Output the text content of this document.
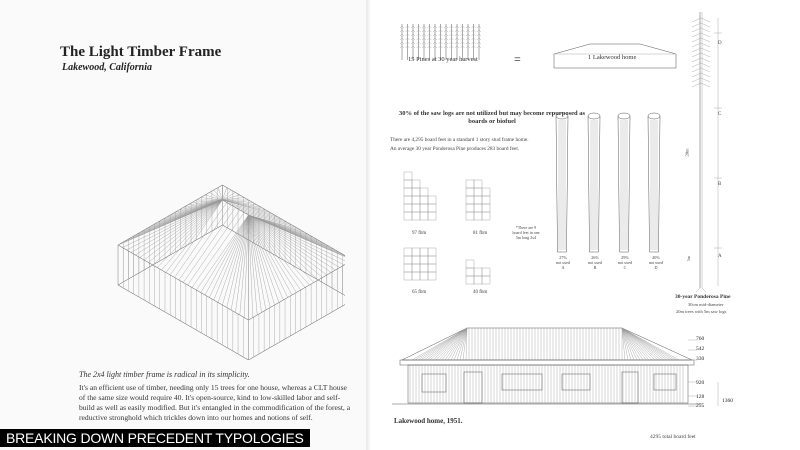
The Light Timber Frame
Lakewood, California
The 2x4 light timber frame is radical in its simplicity.
It's an efficient use of timber, needing only 15 trees for one house, whereas a CLT house of the same size would require 40. It's open-source, kind to low-skilled labor and self-build as well as easily modified. But it's entangled in the commodification of the forest, a reductive stronghold which trickles down into our homes and notions of self.
15 Pines at 30 year harvest	=	1 Lakewood home
30% of the saw logs are not utilized but may become repurposed as boards or biofuel
There are 4,295 board feet in a standard 1 story stud frame home.
An average 30 year Ponderosa Pine produces 283 board feet.
97 fbm	81 fbm
65 fbm	40 fbm
*There are 9 board feet in one 5m long 2x4
27%
not used
A
26%
not used
B
29%
not used
C
40%
not used
D
D
C
B
A
20m
5m
30-year Ponderosa Pine
30cm mid-diameter
20m trees with 5m saw logs
760
542
330
920
128
255
1360
Lakewood home, 1951.
4295 total board feet
BREAKING DOWN PRECEDENT TYPOLOGIES
